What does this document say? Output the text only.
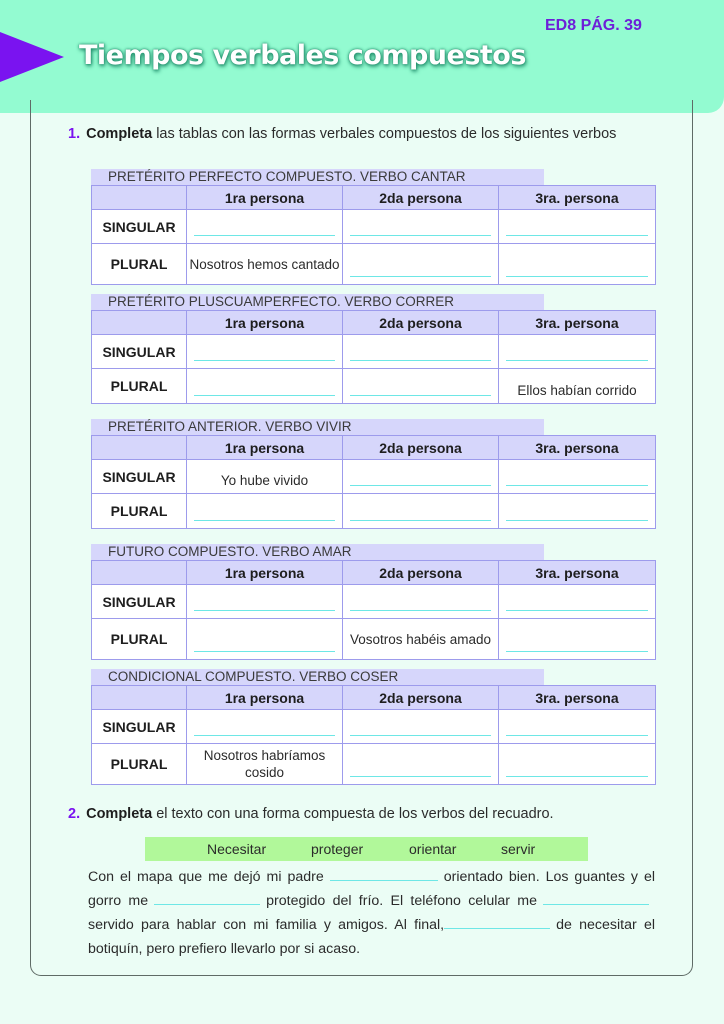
Tiempos verbales compuestos
ED8 PÁG. 39
1. Completa las tablas con las formas verbales compuestos de los siguientes verbos
PRETÉRITO PERFECTO COMPUESTO. VERBO CANTAR
	1ra persona	2da persona	3ra. persona
SINGULAR	

PLURAL	Nosotros hemos cantado	

PRETÉRITO PLUSCUAMPERFECTO. VERBO CORRER
	1ra persona	2da persona	3ra. persona
SINGULAR	

PLURAL			Ellos habían corrido
PRETÉRITO ANTERIOR. VERBO VIVIR
	1ra persona	2da persona	3ra. persona
SINGULAR	Yo hube vivido	

PLURAL	

FUTURO COMPUESTO. VERBO AMAR
	1ra persona	2da persona	3ra. persona
SINGULAR	

PLURAL		Vosotros habéis amado	
CONDICIONAL COMPUESTO. VERBO COSER
	1ra persona	2da persona	3ra. persona
SINGULAR	

PLURAL	Nosotros habríamos cosido	

2. Completa el texto con una forma compuesta de los verbos del recuadro.
Necesitar	proteger	orientar	servir
Con el mapa que me dejó mi padre	orientado bien. Los guantes y el gorro me	protegido del frío. El teléfono celular meservido para hablar con mi familia y amigos. Al final,	de necesitar el botiquín, pero prefiero llevarlo por si acaso.
